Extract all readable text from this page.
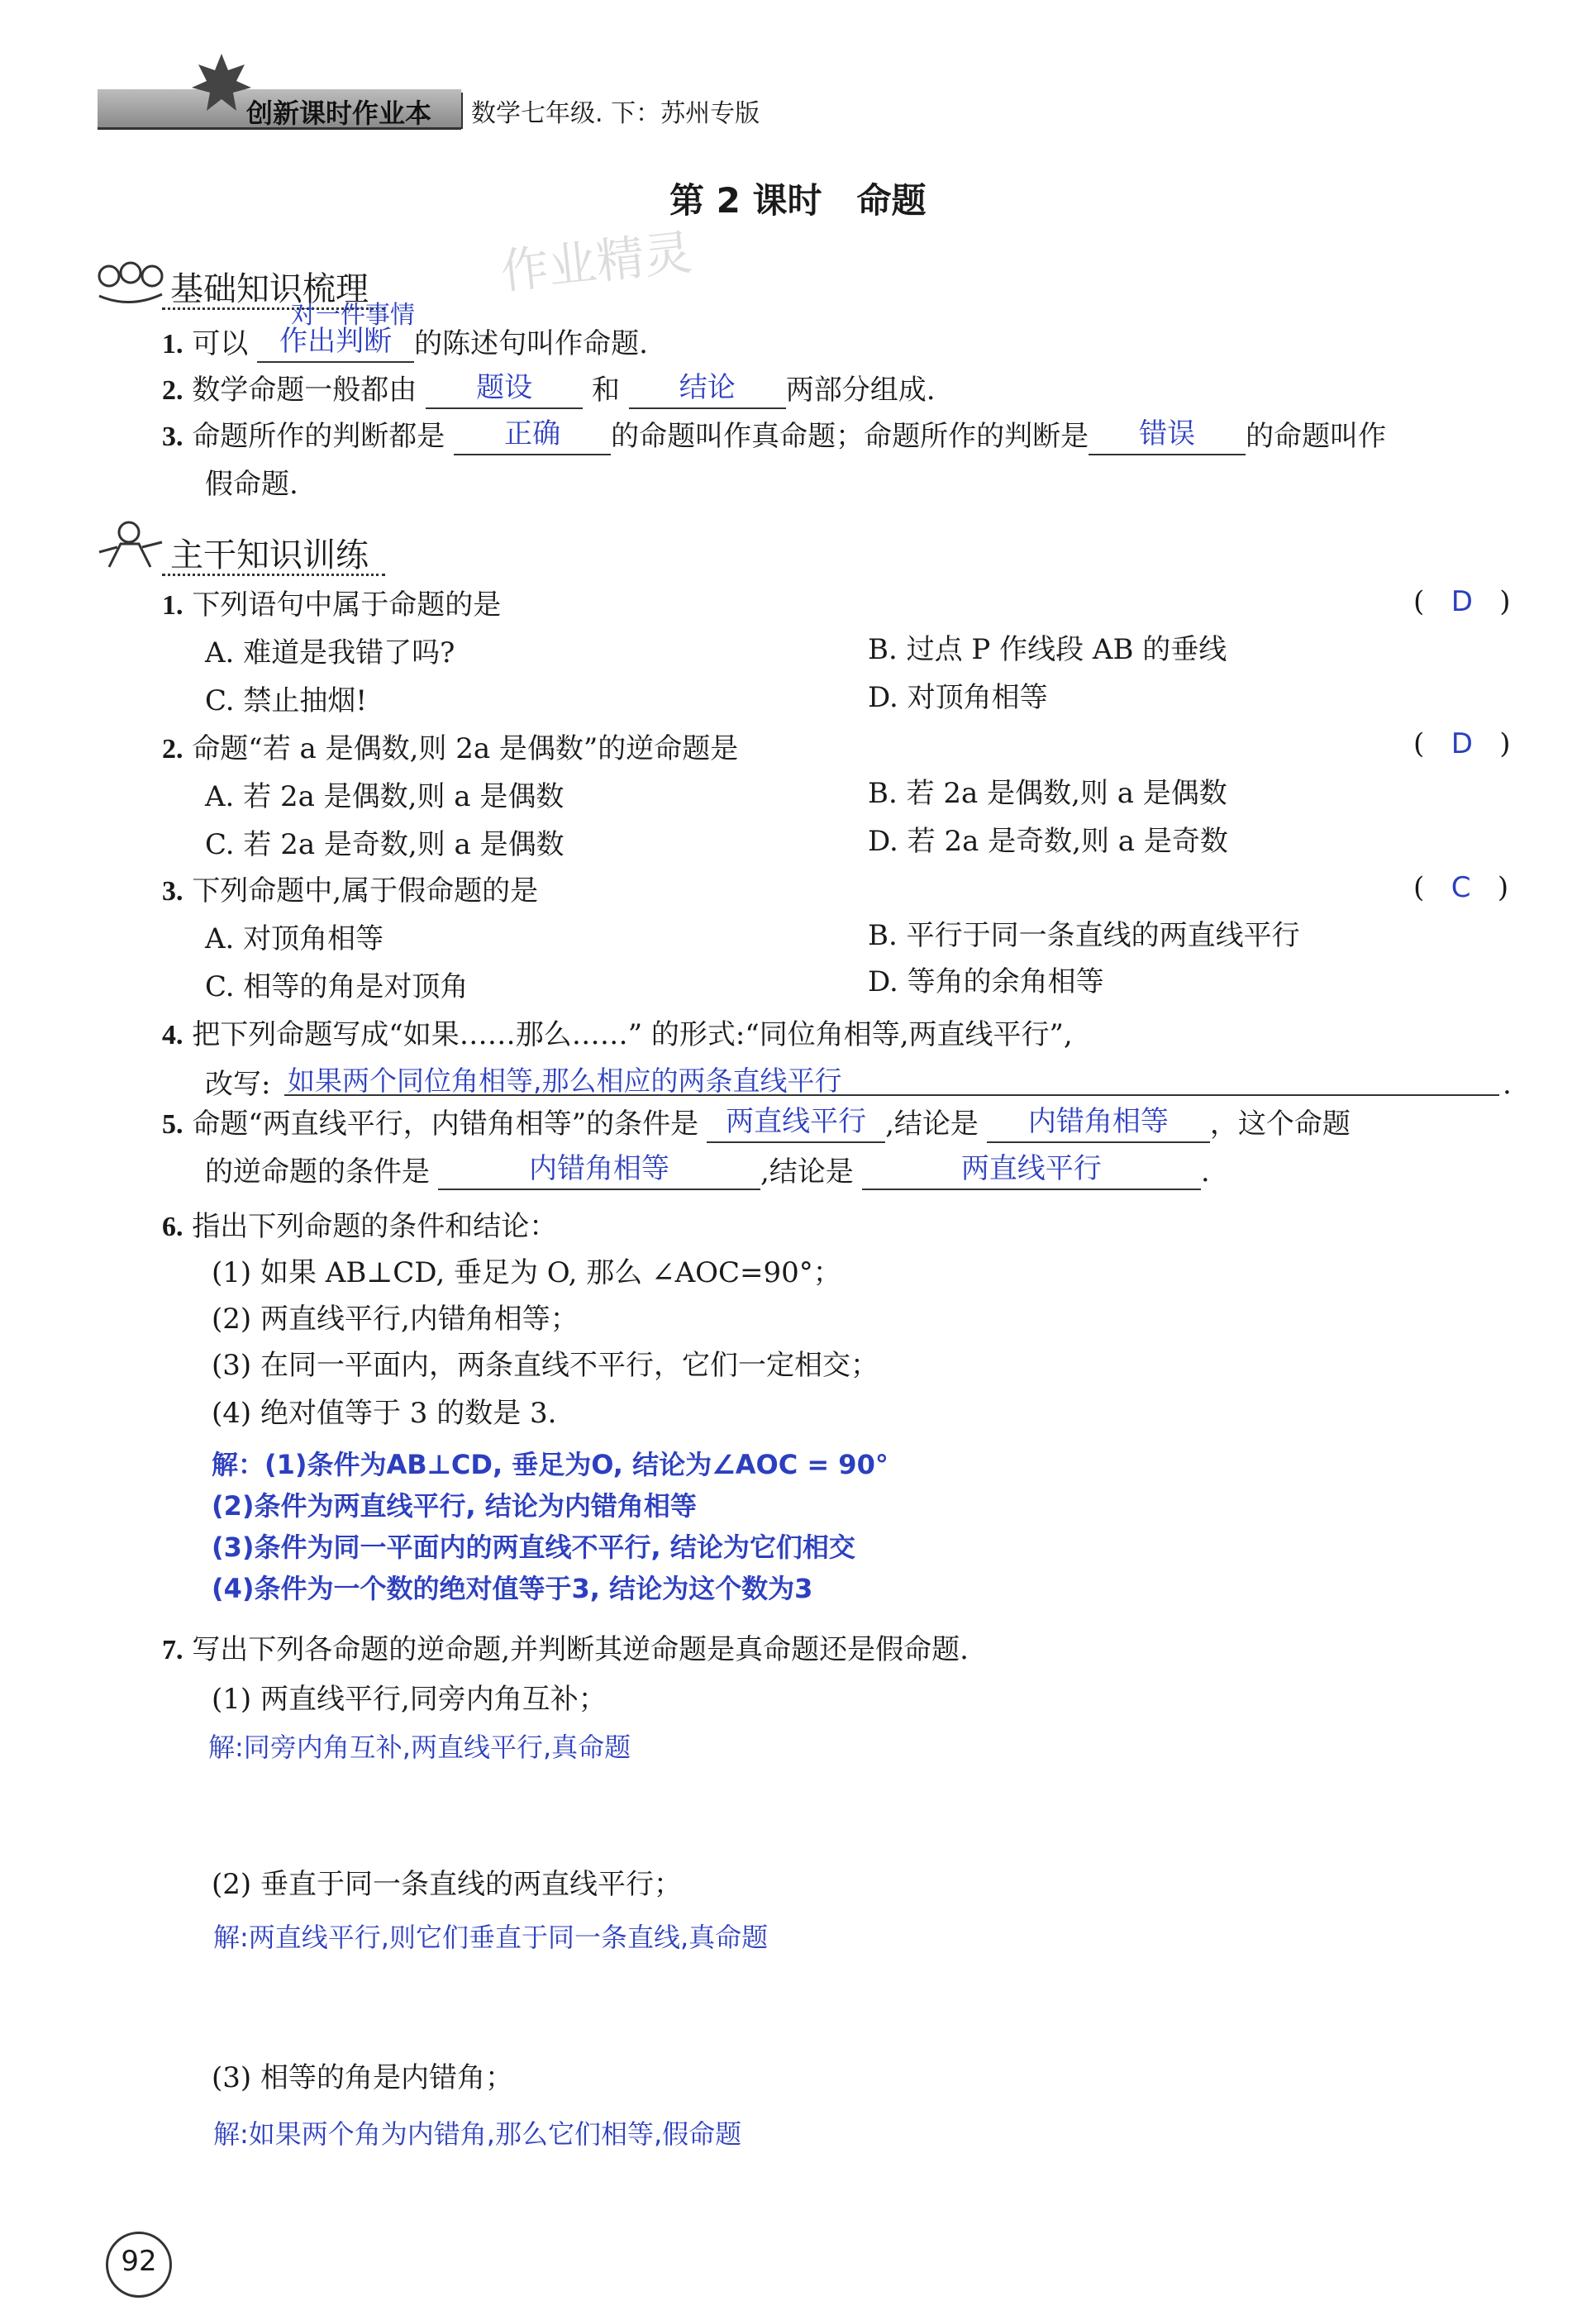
创新课时作业本 数学七年级. 下：苏州专版
第 2 课时　命题
作业精灵
基础知识梳理
对一件事情
1. 可以 作出判断 的陈述句叫作命题.
2. 数学命题一般都由 题设 和 结论 两部分组成.
3. 命题所作的判断都是 正确 的命题叫作真命题；命题所作的判断是 错误 的命题叫作
假命题.
主干知识训练
1. 下列语句中属于命题的是	(   D   )
A. 难道是我错了吗?	B. 过点 P 作线段 AB 的垂线
C. 禁止抽烟!	D. 对顶角相等
2. 命题“若 a 是偶数,则 2a 是偶数”的逆命题是	(   D   )
A. 若 2a 是偶数,则 a 是偶数	B. 若 2a 是偶数,则 a 是偶数
C. 若 2a 是奇数,则 a 是偶数	D. 若 2a 是奇数,则 a 是奇数
3. 下列命题中,属于假命题的是	(   C   )
A. 对顶角相等	B. 平行于同一条直线的两直线平行
C. 相等的角是对顶角	D. 等角的余角相等
4. 把下列命题写成“如果……那么……” 的形式:“同位角相等,两直线平行”,
改写: 如果两个同位角相等,那么相应的两条直线平行	.
5. 命题“两直线平行，内错角相等”的条件是 两直线平行 ,结论是 内错角相等 ，这个命题
的逆命题的条件是	内错角相等	,结论是	两直线平行	.
6. 指出下列命题的条件和结论：
(1) 如果 AB⊥CD, 垂足为 O, 那么 ∠AOC=90°；
(2) 两直线平行,内错角相等；
(3) 在同一平面内，两条直线不平行，它们一定相交；
(4) 绝对值等于 3 的数是 3.
解：(1)条件为AB⊥CD, 垂足为O, 结论为∠AOC = 90°
(2)条件为两直线平行, 结论为内错角相等
(3)条件为同一平面内的两直线不平行, 结论为它们相交
(4)条件为一个数的绝对值等于3, 结论为这个数为3
7. 写出下列各命题的逆命题,并判断其逆命题是真命题还是假命题.
(1) 两直线平行,同旁内角互补；
解:同旁内角互补,两直线平行,真命题
(2) 垂直于同一条直线的两直线平行；
解:两直线平行,则它们垂直于同一条直线,真命题
(3) 相等的角是内错角；
解:如果两个角为内错角,那么它们相等,假命题
92
